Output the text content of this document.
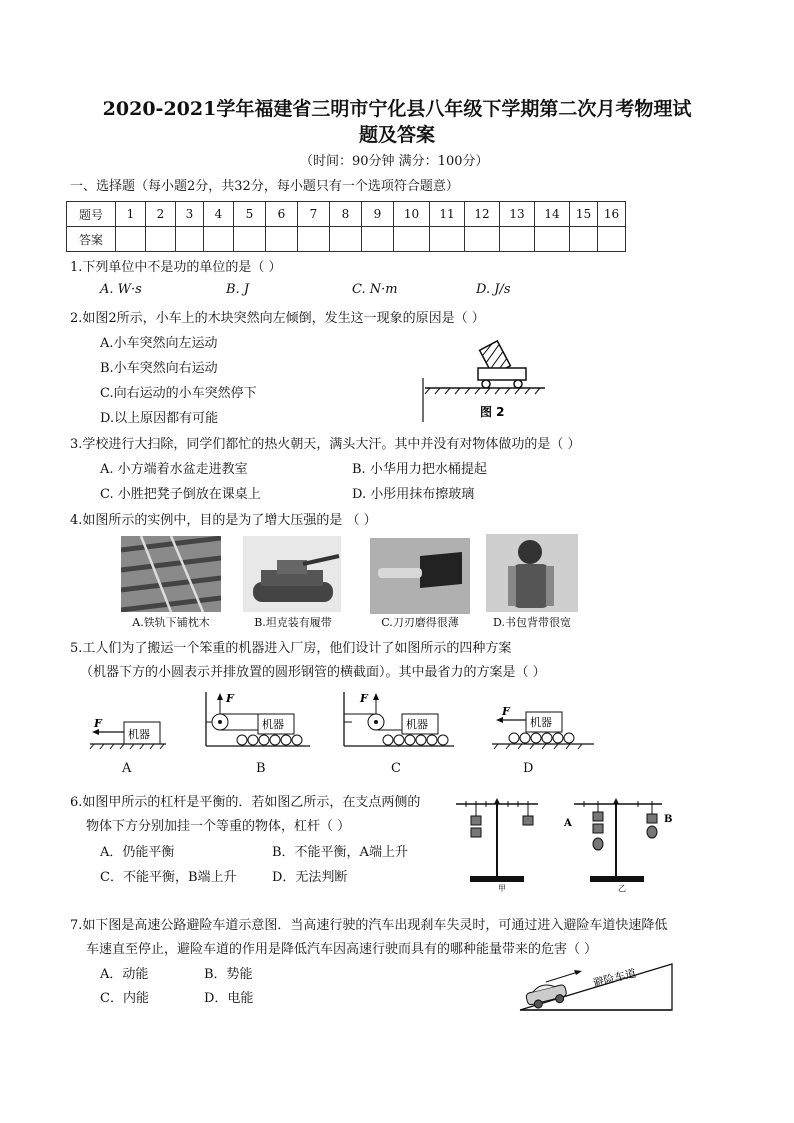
2020-2021学年福建省三明市宁化县八年级下学期第二次月考物理试
题及答案
（时间：90分钟 满分：100分）
一、选择题（每小题2分，共32分，每小题只有一个选项符合题意）
题号	1	2	3	4	5	6	7	8	9	10	11	12	13	14	15	16
答案																
1.下列单位中不是功的单位的是（ ）
A. W·s	B. J	C. N·m	D. J/s
2.如图2所示，小车上的木块突然向左倾倒，发生这一现象的原因是（ ）
A.小车突然向左运动
B.小车突然向右运动
C.向右运动的小车突然停下
D.以上原因都有可能	图 2
3.学校进行大扫除，同学们都忙的热火朝天，满头大汗。其中并没有对物体做功的是（ ）
A. 小方端着水盆走进教室	B. 小华用力把水桶提起
C. 小胜把凳子倒放在课桌上	D. 小彤用抹布擦玻璃
4.如图所示的实例中，目的是为了增大压强的是 （ ）
A.铁轨下铺枕木	B.坦克装有履带	C.刀刃磨得很薄	D.书包背带很宽
5.工人们为了搬运一个笨重的机器进入厂房，他们设计了如图所示的四种方案
（机器下方的小圆表示并排放置的圆形钢管的横截面）。其中最省力的方案是（ ）
机器
F
A
机器
F
B
机器
F
C
机器
F
D
6.如图甲所示的杠杆是平衡的．若如图乙所示，在支点两侧的
物体下方分别加挂一个等重的物体，杠杆（ ）
A．仍能平衡	B．不能平衡，A端上升
C．不能平衡，B端上升	D．无法判断
甲
A	B
乙
7.如下图是高速公路避险车道示意图．当高速行驶的汽车出现刹车失灵时，可通过进入避险车道快速降低
车速直至停止，避险车道的作用是降低汽车因高速行驶而具有的哪种能量带来的危害（ ）
A．动能	B．势能
C．内能	D．电能
避险车道
